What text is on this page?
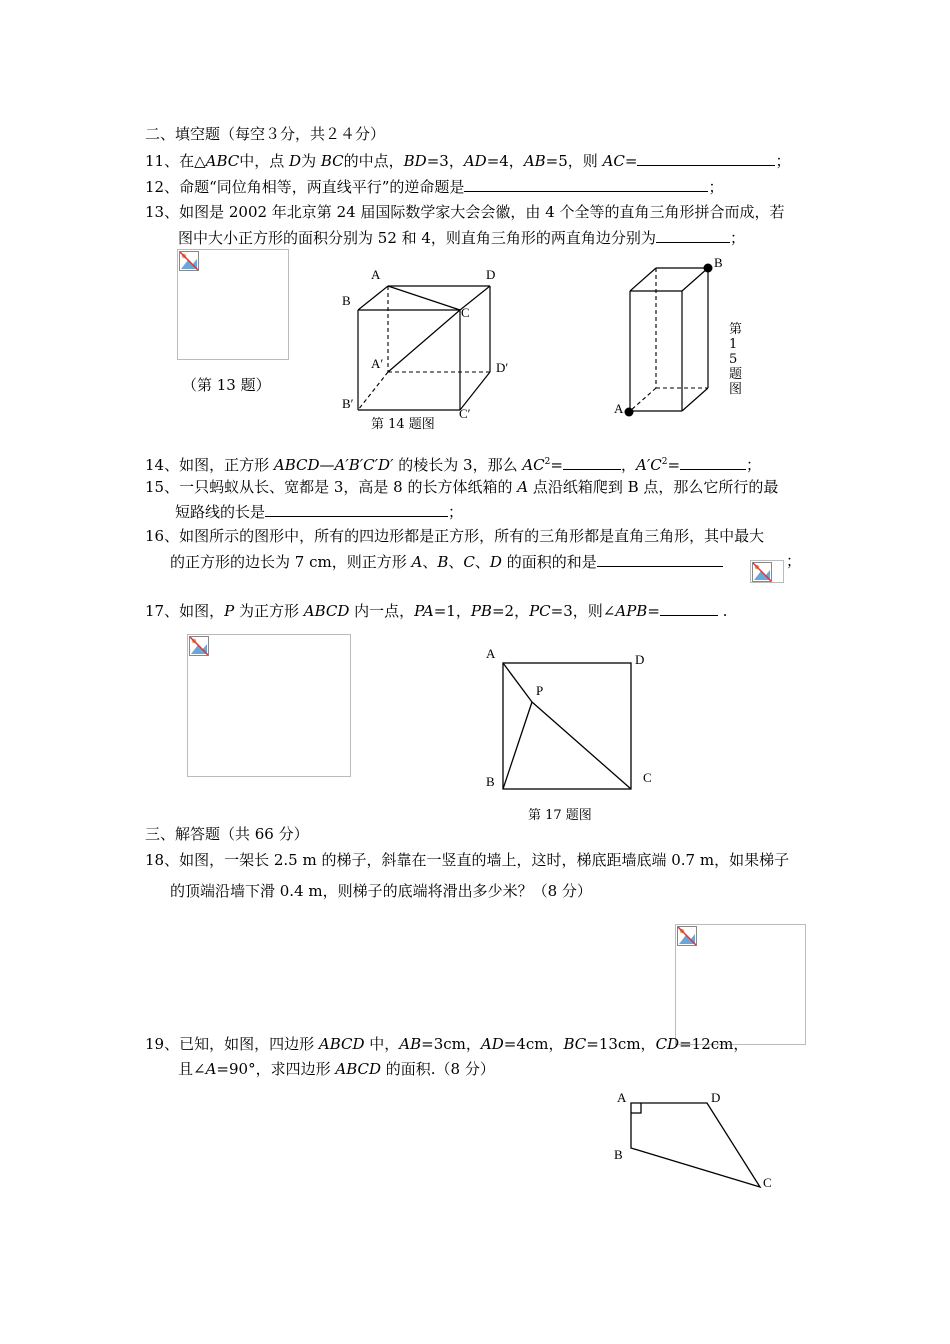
二、填空题（每空３分，共２４分）
11、在△ABC中，点 D为 BC的中点，BD=3，AD=4，AB=5，则 AC=	；
12、命题“同位角相等，两直线平行”的逆命题是	；
13、如图是 2002 年北京第 24 届国际数学家大会会徽，由 4 个全等的直角三角形拼合而成，若
图中大小正方形的面积分别为 52 和 4，则直角三角形的两直角边分别为	；
（第 13 题）
A	D
B
C
A′	D′
B′
C′
第 14 题图
B
A
第15题图
14、如图，正方形 ABCD—A′B′C′D′ 的棱长为 3，那么 $AC^2=$	，$A'C^2=$	；
15、一只蚂蚁从长、宽都是 3，高是 8 的长方体纸箱的 A 点沿纸箱爬到 B 点，那么它所行的最
短路线的长是	；
16、如图所示的图形中，所有的四边形都是正方形，所有的三角形都是直角三角形，其中最大
的正方形的边长为 7 cm，则正方形 A、B、C、D 的面积的和是	；
17、如图，P 为正方形 ABCD 内一点，PA=1，PB=2，PC=3，则∠APB=	.
A	D
P
B	C
第 17 题图
三、解答题（共 66 分）
18、如图，一架长 2.5 m 的梯子，斜靠在一竖直的墙上，这时，梯底距墙底端 0.7 m，如果梯子
的顶端沿墙下滑 0.4 m，则梯子的底端将滑出多少米？（8 分）
19、已知，如图，四边形 ABCD 中，AB=3cm，AD=4cm，BC=13cm，CD=12cm，
且∠A=90°，求四边形 ABCD 的面积.（8 分）
A	D
B
C
